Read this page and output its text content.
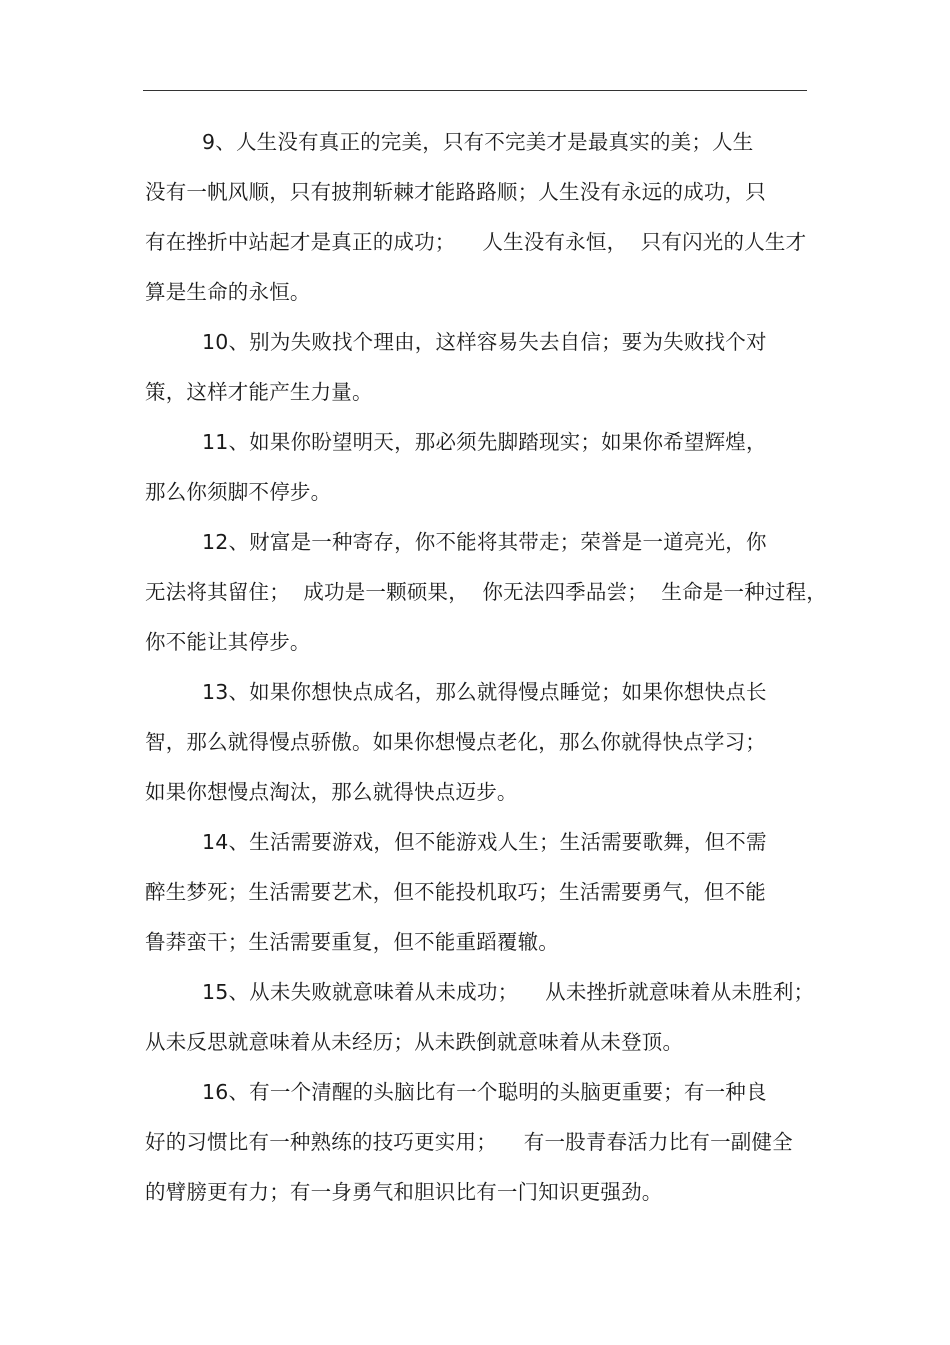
9、人生没有真正的完美，只有不完美才是最真实的美；人生
没有一帆风顺，只有披荆斩棘才能路路顺；人生没有永远的成功，只
有在挫折中站起才是真正的成功；    人生没有永恒，  只有闪光的人生才
算是生命的永恒。

10、别为失败找个理由，这样容易失去自信；要为失败找个对
策，这样才能产生力量。

11、如果你盼望明天，那必须先脚踏现实；如果你希望辉煌，
那么你须脚不停步。

12、财富是一种寄存，你不能将其带走；荣誉是一道亮光，你
无法将其留住；  成功是一颗硕果，  你无法四季品尝；  生命是一种过程，
你不能让其停步。

13、如果你想快点成名，那么就得慢点睡觉；如果你想快点长
智，那么就得慢点骄傲。如果你想慢点老化，那么你就得快点学习；
如果你想慢点淘汰，那么就得快点迈步。

14、生活需要游戏，但不能游戏人生；生活需要歌舞，但不需
醉生梦死；生活需要艺术，但不能投机取巧；生活需要勇气，但不能
鲁莽蛮干；生活需要重复，但不能重蹈覆辙。

15、从未失败就意味着从未成功；    从未挫折就意味着从未胜利；
从未反思就意味着从未经历；从未跌倒就意味着从未登顶。

16、有一个清醒的头脑比有一个聪明的头脑更重要；有一种良
好的习惯比有一种熟练的技巧更实用；    有一股青春活力比有一副健全
的臂膀更有力；有一身勇气和胆识比有一门知识更强劲。
